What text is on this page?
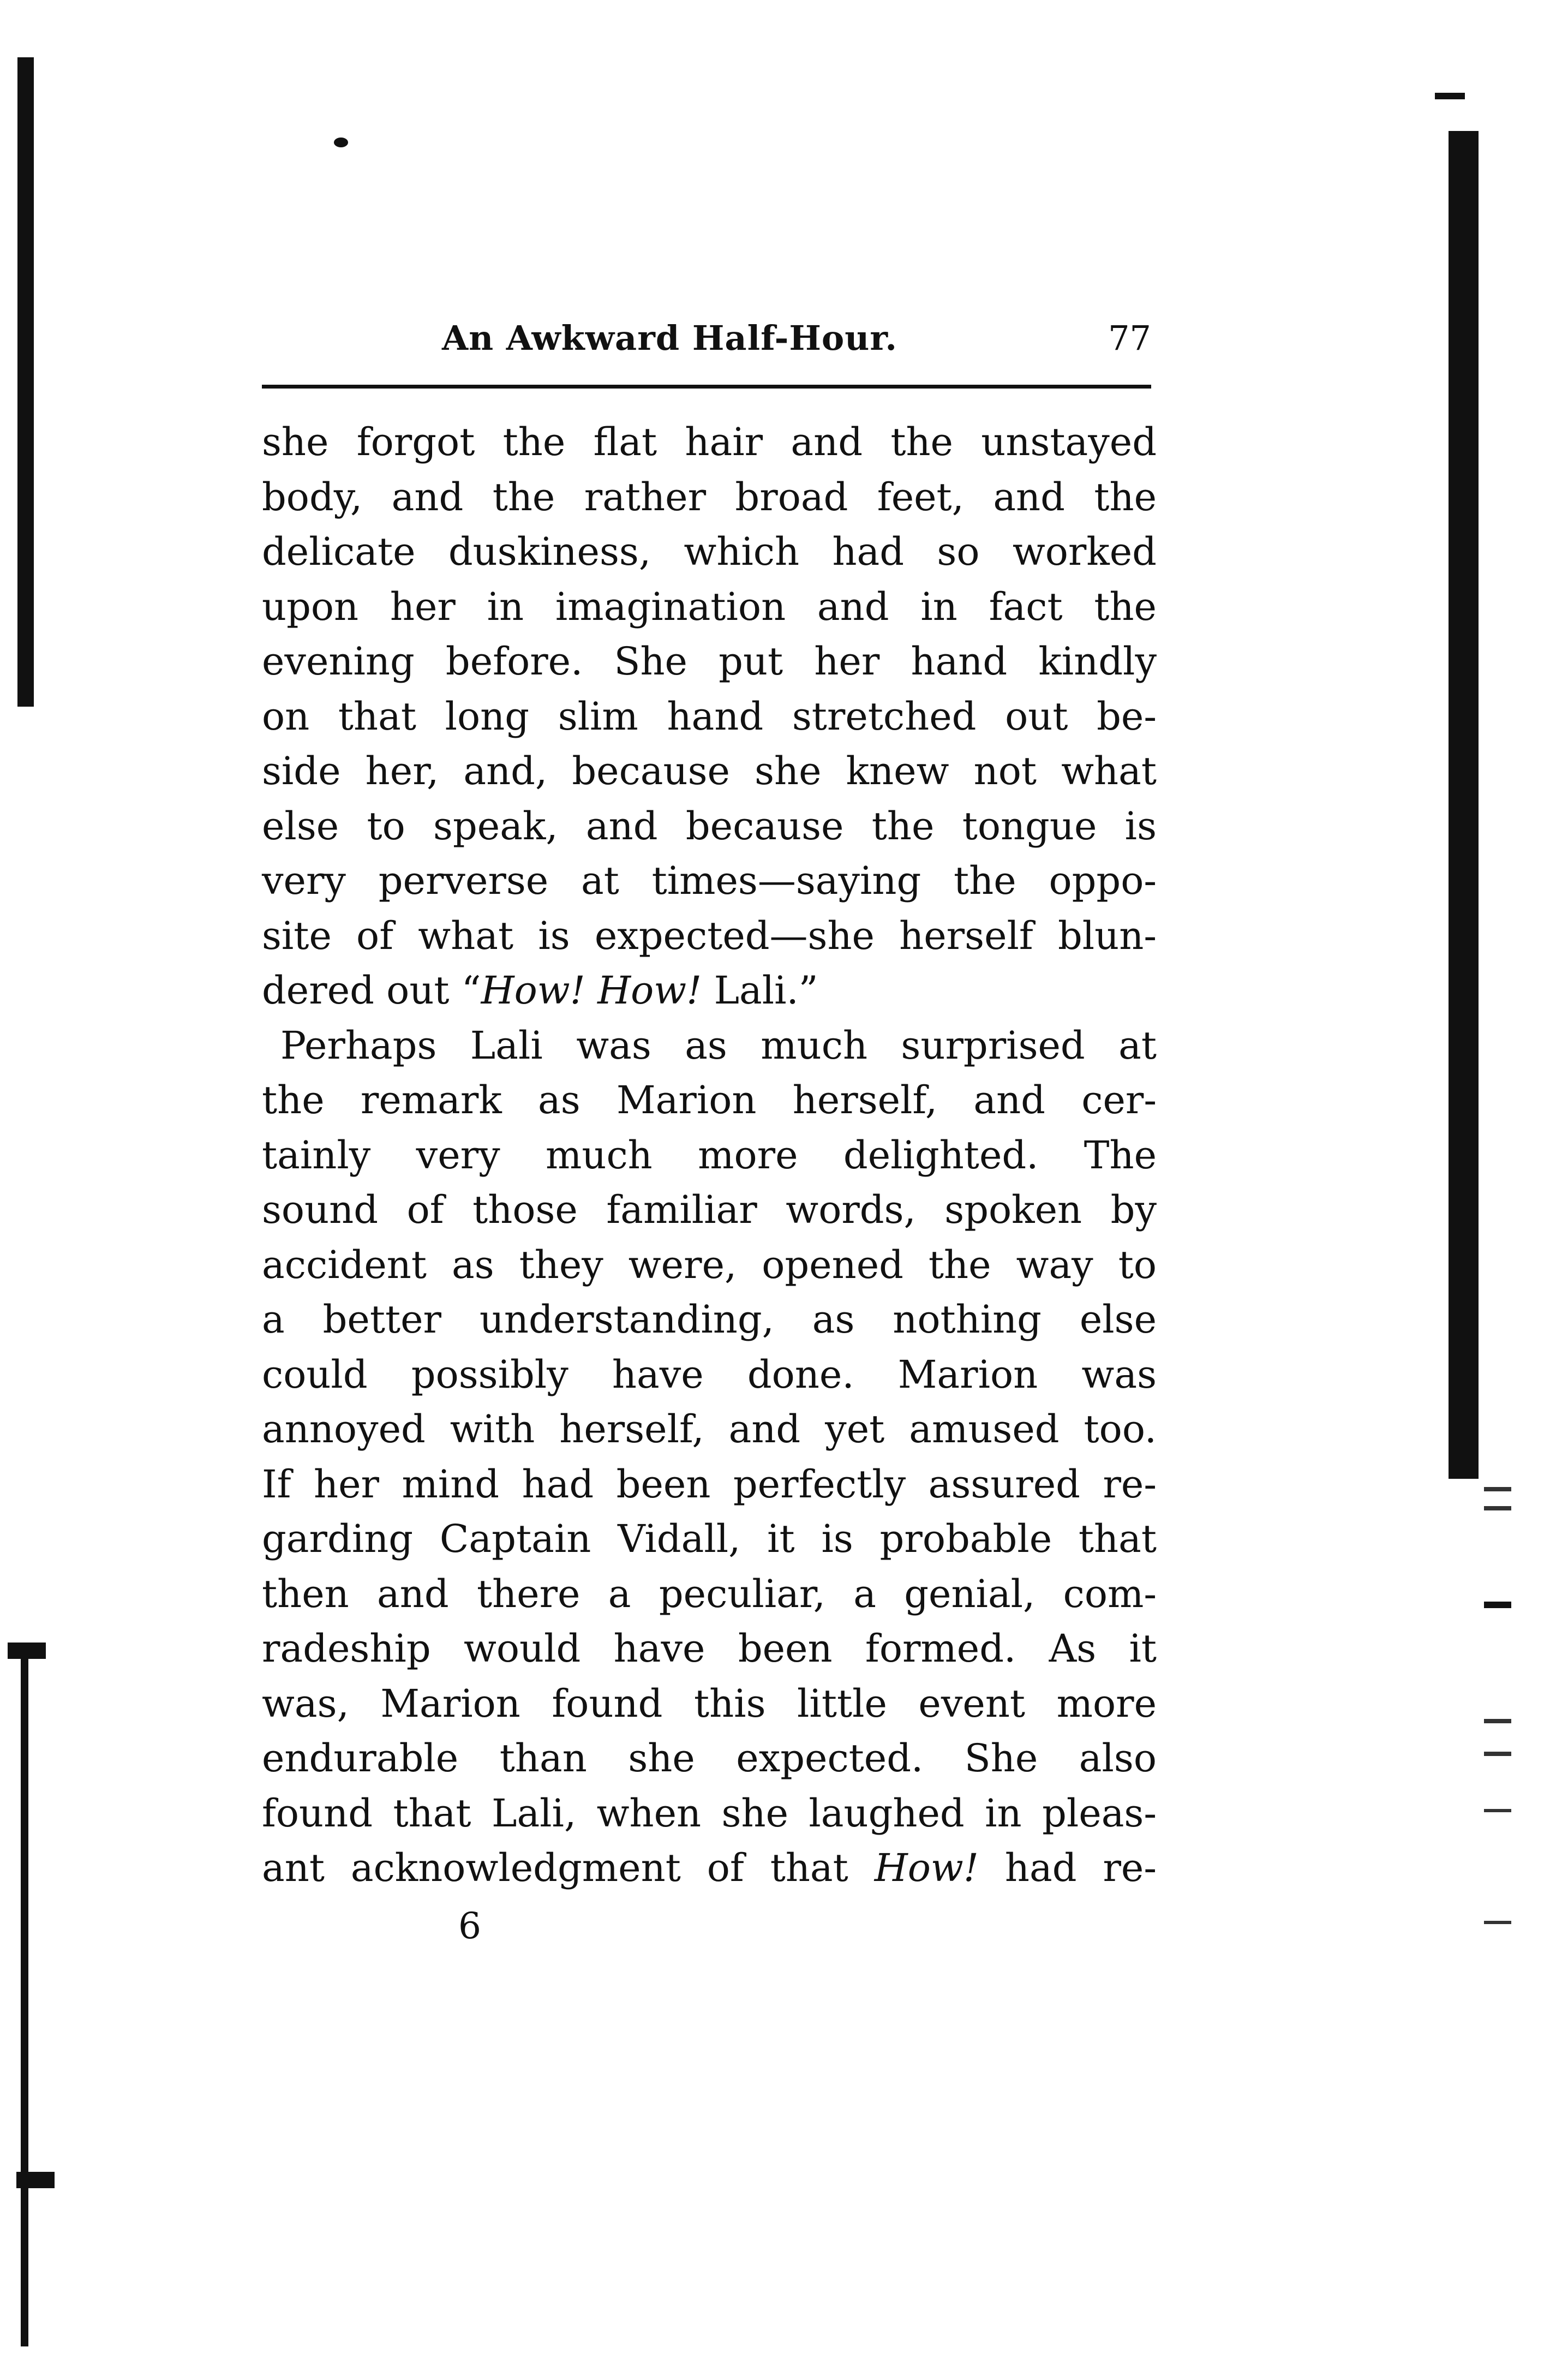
An Awkward Half-Hour.	77
she forgot the flat hair and the unstayed
body, and the rather broad feet, and the
delicate duskiness, which had so worked
upon her in imagination and in fact the
evening before. She put her hand kindly
on that long slim hand stretched out be-
side her, and, because she knew not what
else to speak, and because the tongue is
very perverse at times—saying the oppo-
site of what is expected—she herself blun-
dered out “How! How! Lali.”
Perhaps Lali was as much surprised at
the remark as Marion herself, and cer-
tainly very much more delighted. The
sound of those familiar words, spoken by
accident as they were, opened the way to
a better understanding, as nothing else
could possibly have done. Marion was
annoyed with herself, and yet amused too.
If her mind had been perfectly assured re-
garding Captain Vidall, it is probable that
then and there a peculiar, a genial, com-
radeship would have been formed. As it
was, Marion found this little event more
endurable than she expected. She also
found that Lali, when she laughed in pleas-
ant acknowledgment of that How! had re-
6
